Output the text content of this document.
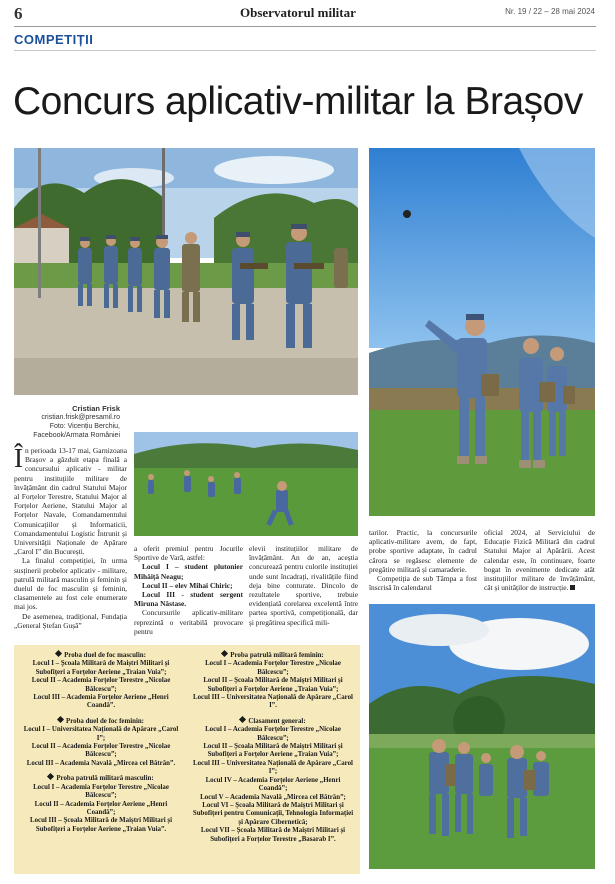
6	Observatorul militar	Nr. 19 / 22 – 28 mai 2024
COMPETIȚII
Concurs aplicativ-militar la Brașov
Cristian Frisk
cristian.frisk@presamil.ro
Foto: Vicențiu Berchiu,
Facebook/Armata României

Î n perioada 13-17 mai, Garnizoana Brașov a găzduit etapa finală a concursului aplicativ - militar pentru instituțiile militare de învățământ din cadrul Statului Major al Forțelor Terestre, Statului Major al Forțelor Aeriene, Statului Major al Forțelor Navale, Comandamentului Comunicațiilor și Informaticii, Comandamentului Logistic Întrunit și Universității Naționale de Apărare „Carol I” din București.

La finalul competiției, în urma susținerii probelor aplicativ - militare, patrulă militară masculin și feminin și duelul de foc masculin și feminin, clasamentele au fost cele enumerate mai jos.

De asemenea, tradițional, Fundația „General Ștefan Gușă”

a oferit premiul pentru Jocurile Sportive de Vară, astfel:

Locul I – student plutonier Mihăiță Neagu;

Locul II – elev Mihai Chiric;

Locul III - student sergent Miruna Năstase.

Concursurile aplicativ-militare reprezintă o veritabilă provocare pentru

elevii instituțiilor militare de învățământ. An de an, aceștia concurează pentru culorile instituției unde sunt încadrați, rivalitățile fiind deja bine conturate. Dincolo de rezultatele sportive, trebuie evidențiată corelarea excelentă între partea sportivă, competițională, dar și pregătirea specifică mili-

tarilor. Practic, la concursurile aplicativ-militare avem, de fapt, probe sportive adaptate, în cadrul cărora se regăsesc elemente de pregătire militară și camaraderie.

Competiția de sub Tâmpa a fost înscrisă în calendarul

oficial 2024, al Serviciului de Educație Fizică Militară din cadrul Statului Major al Apărării. Acest calendar este, în continuare, foarte bogat în evenimente dedicate atât instituțiilor militare de învățământ, cât și unităților de instrucție.

Proba duel de foc masculin:
Locul I – Școala Militară de Maiștri Militari și Subofițeri a Forțelor Aeriene „Traian Vuia”;
Locul II – Academia Forțelor Terestre „Nicolae Bălcescu”;
Locul III – Academia Forțelor Aeriene „Henri Coandă”.
Proba duel de foc feminin:
Locul I – Universitatea Națională de Apărare „Carol I”;
Locul II – Academia Forțelor Terestre „Nicolae Bălcescu”;
Locul III – Academia Navală „Mircea cel Bătrân”.
Proba patrulă militară masculin:
Locul I – Academia Forțelor Terestre „Nicolae Bălcescu”;
Locul II – Academia Forțelor Aeriene „Henri Coandă”;
Locul III – Școala Militară de Maiștri Militari și Subofițeri a Forțelor Aeriene „Traian Vuia”.
Proba patrulă militară feminin:
Locul I – Academia Forțelor Terestre „Nicolae Bălcescu”;
Locul II – Școala Militară de Maiștri Militari și Subofițeri a Forțelor Aeriene „Traian Vuia”;
Locul III – Universitatea Națională de Apărare „Carol I”.
Clasament general:
Locul I – Academia Forțelor Terestre „Nicolae Bălcescu”;
Locul II – Școala Militară de Maiștri Militari și Subofițeri a Forțelor Aeriene „Traian Vuia”;
Locul III – Universitatea Națională de Apărare „Carol I”;
Locul IV – Academia Forțelor Aeriene „Henri Coandă”;
Locul V – Academia Navală „Mircea cel Bătrân”;
Locul VI – Școala Militară de Maiștri Militari și Subofițeri pentru Comunicații, Tehnologia Informației și Apărare Cibernetică;
Locul VII – Școala Militară de Maiștri Militari și Subofițeri a Forțelor Terestre „Basarab I”.
